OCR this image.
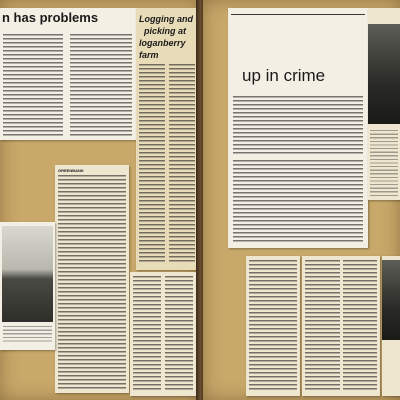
n has problems	Logging and
picking at
loganberry
farm
GREENBANK
up in crime
